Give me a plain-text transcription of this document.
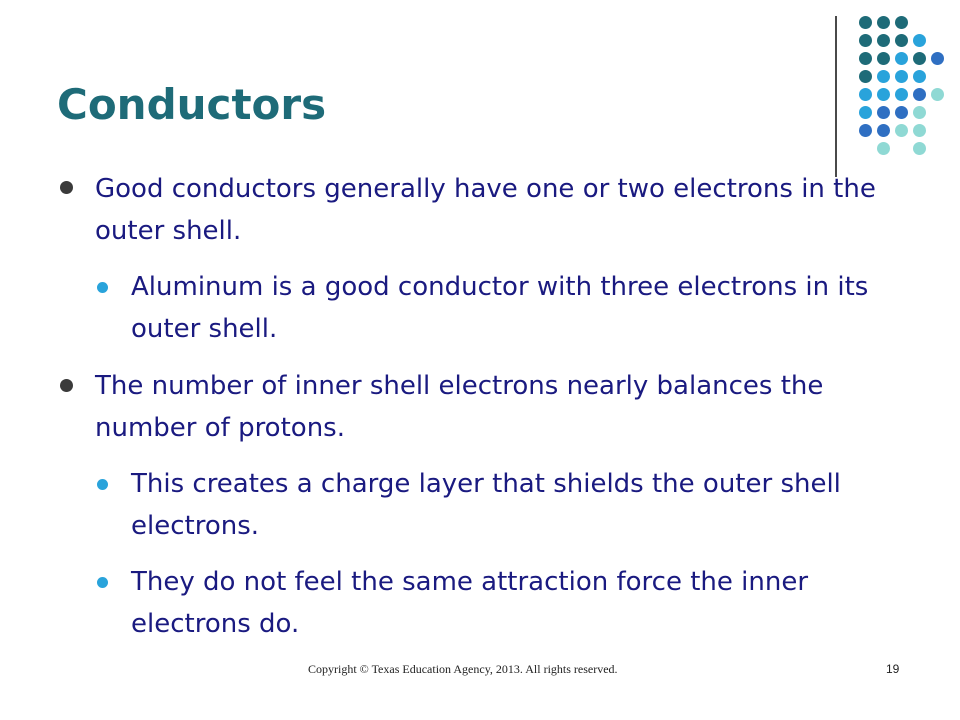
Conductors
Good conductors generally have one or two electrons in the outer shell.
Aluminum is a good conductor with three electrons in its outer shell.
The number of inner shell electrons nearly balances the number of protons.
This creates a charge layer that shields the outer shell electrons.
They do not feel the same attraction force the inner electrons do.
Copyright © Texas Education Agency, 2013. All rights reserved.	19
